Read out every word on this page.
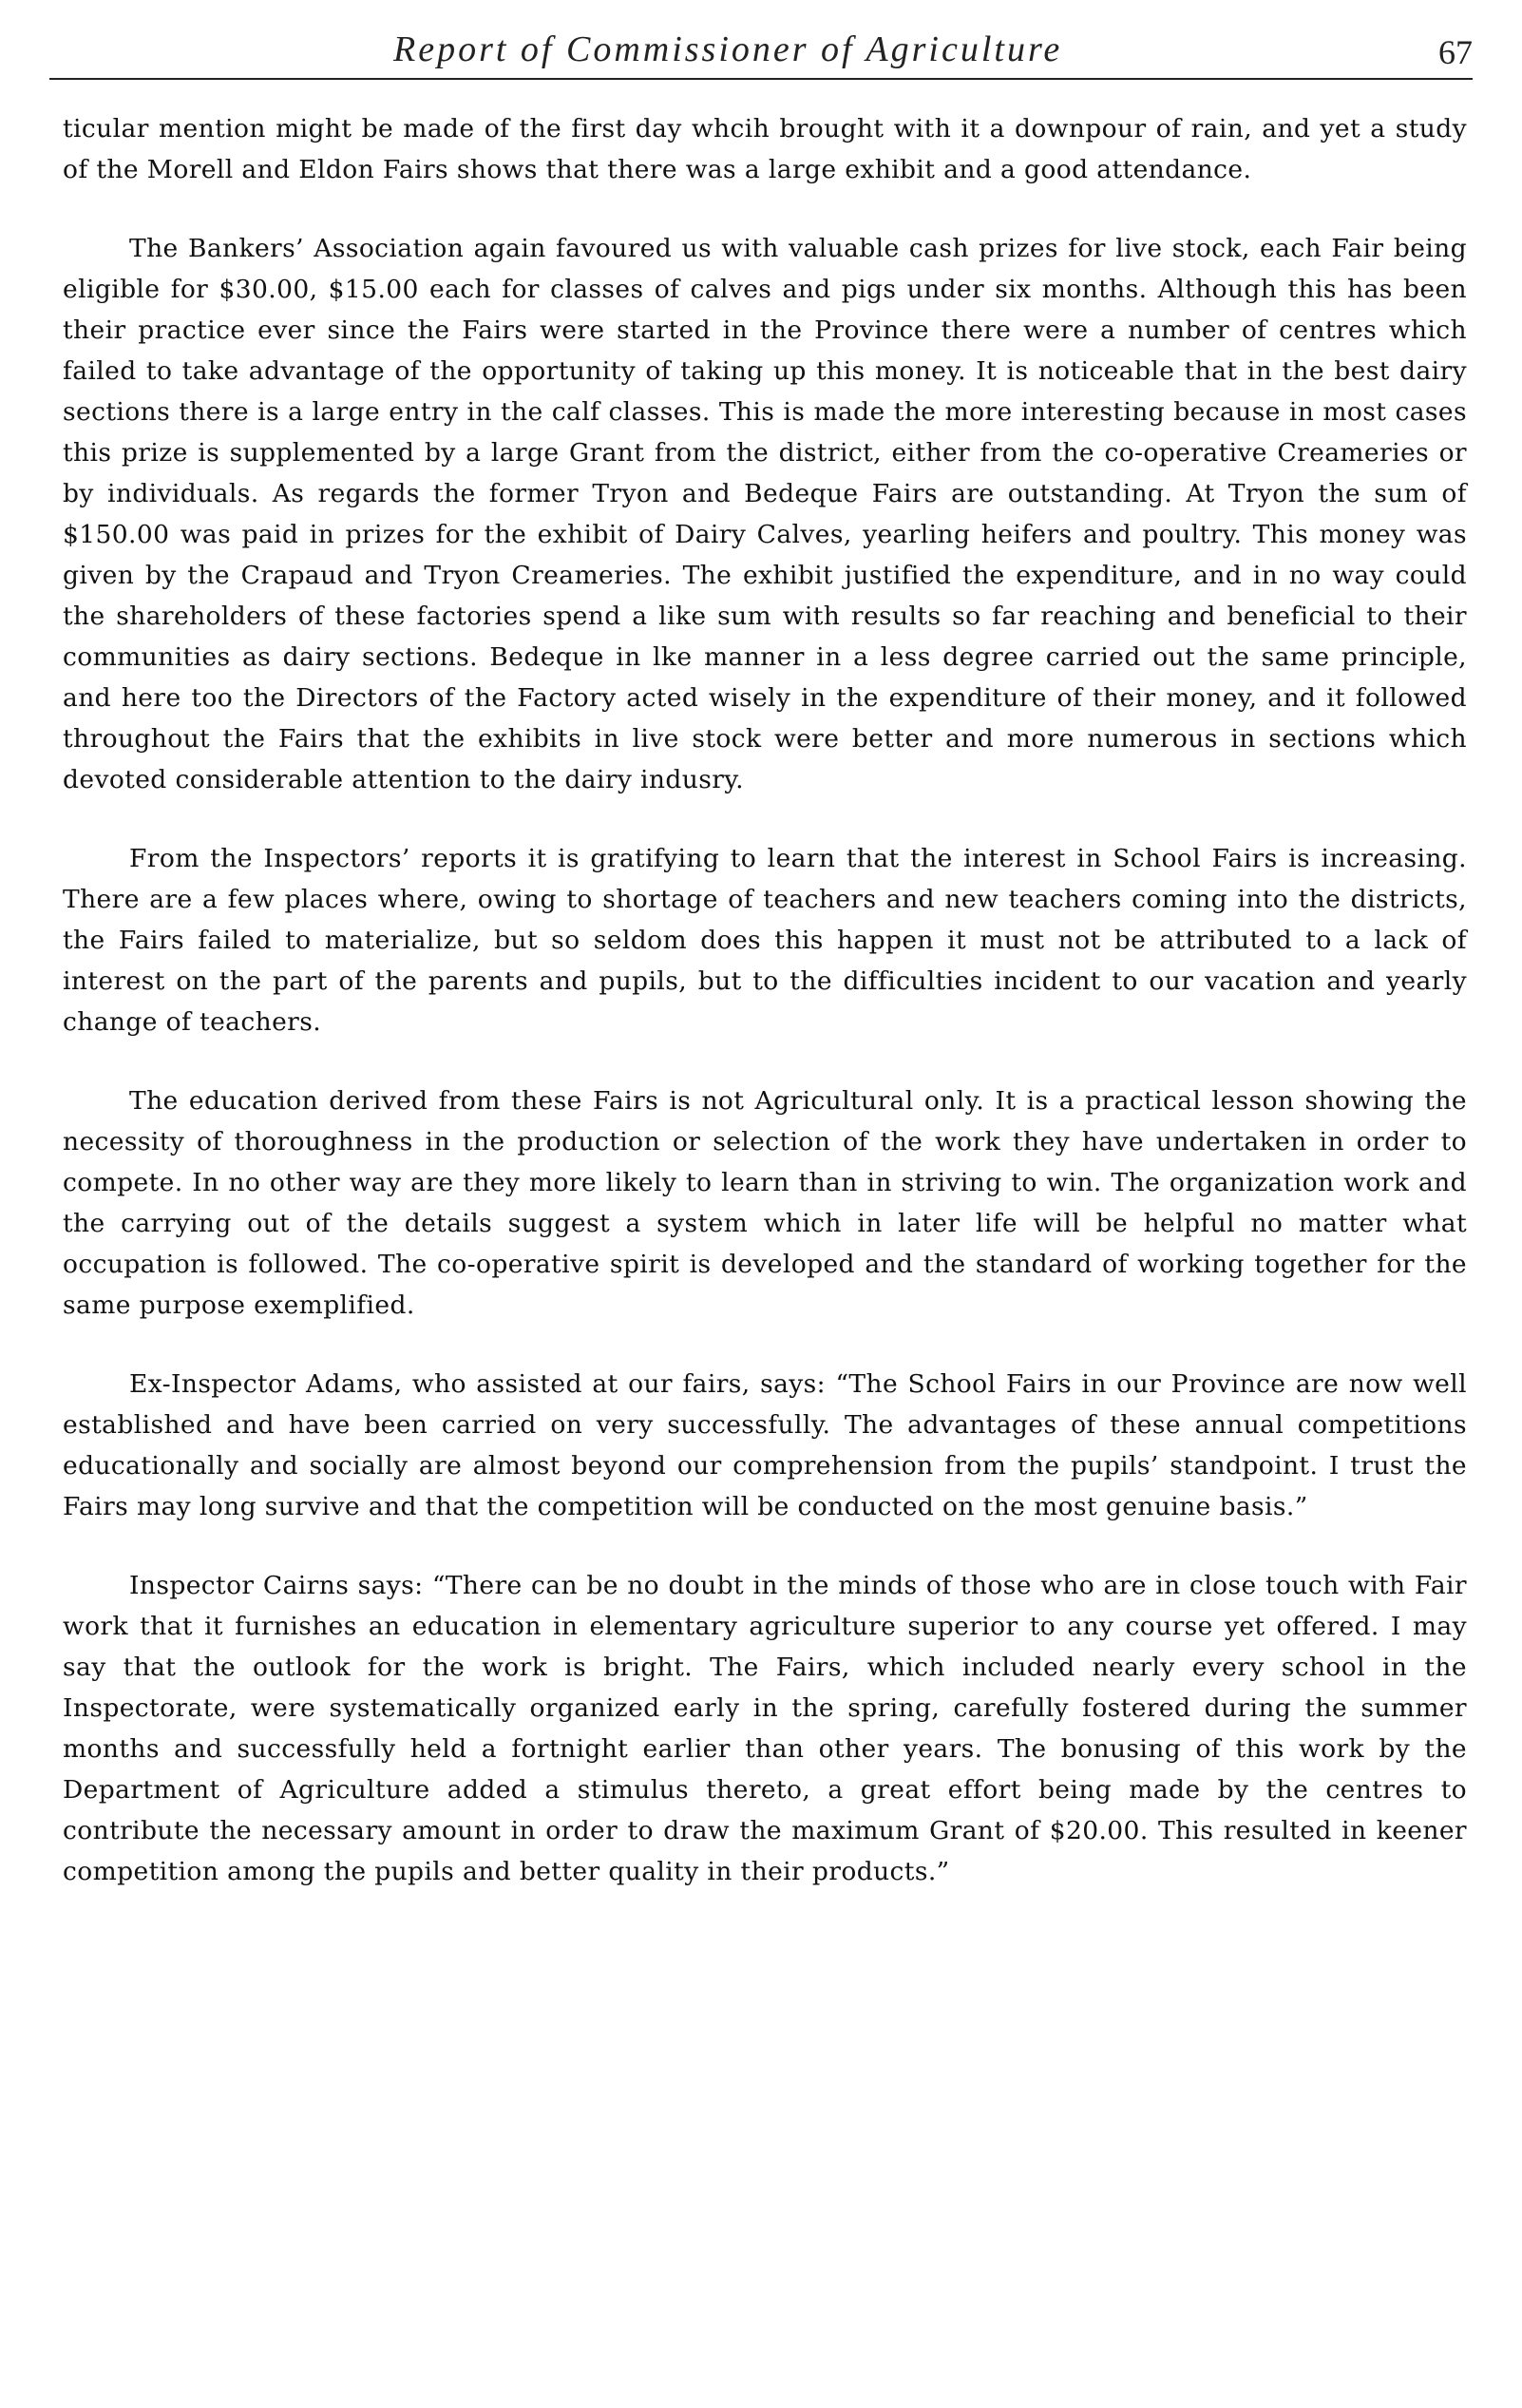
Report of Commissioner of Agriculture	67

ticular mention might be made of the first day whcih brought with it a downpour of rain, and yet a study of the Morell and Eldon Fairs shows that there was a large exhibit and a good attendance.

The Bankers’ Association again favoured us with valuable cash prizes for live stock, each Fair being eligible for $30.00, $15.00 each for classes of calves and pigs under six months. Although this has been their practice ever since the Fairs were started in the Province there were a number of centres which failed to take advantage of the opportunity of taking up this money. It is noticeable that in the best dairy sections there is a large entry in the calf classes. This is made the more interesting because in most cases this prize is supplemented by a large Grant from the district, either from the co-operative Creameries or by individuals. As regards the former Tryon and Bedeque Fairs are outstanding. At Tryon the sum of $150.00 was paid in prizes for the exhibit of Dairy Calves, yearling heifers and poultry. This money was given by the Crapaud and Tryon Creameries. The exhibit justified the expenditure, and in no way could the shareholders of these factories spend a like sum with results so far reaching and beneficial to their communities as dairy sections. Bedeque in lke manner in a less degree carried out the same principle, and here too the Directors of the Factory acted wisely in the expenditure of their money, and it followed throughout the Fairs that the exhibits in live stock were better and more numerous in sections which devoted considerable attention to the dairy indusry.

From the Inspectors’ reports it is gratifying to learn that the interest in School Fairs is increasing. There are a few places where, owing to shortage of teachers and new teachers coming into the districts, the Fairs failed to materialize, but so seldom does this happen it must not be attributed to a lack of interest on the part of the parents and pupils, but to the difficulties incident to our vacation and yearly change of teachers.

The education derived from these Fairs is not Agricultural only. It is a practical lesson showing the necessity of thoroughness in the production or selection of the work they have undertaken in order to compete. In no other way are they more likely to learn than in striving to win. The organization work and the carrying out of the details suggest a system which in later life will be helpful no matter what occupation is followed. The co-operative spirit is developed and the standard of working together for the same purpose exemplified.

Ex-Inspector Adams, who assisted at our fairs, says: “The School Fairs in our Province are now well established and have been carried on very successfully. The advantages of these annual competitions educationally and socially are almost beyond our comprehension from the pupils’ standpoint. I trust the Fairs may long survive and that the competition will be conducted on the most genuine basis.”

Inspector Cairns says: “There can be no doubt in the minds of those who are in close touch with Fair work that it furnishes an education in elementary agriculture superior to any course yet offered. I may say that the outlook for the work is bright. The Fairs, which included nearly every school in the Inspectorate, were systematically organized early in the spring, carefully fostered during the summer months and successfully held a fortnight earlier than other years. The bonusing of this work by the Department of Agriculture added a stimulus thereto, a great effort being made by the centres to contribute the necessary amount in order to draw the maximum Grant of $20.00. This resulted in keener competition among the pupils and better quality in their products.”
